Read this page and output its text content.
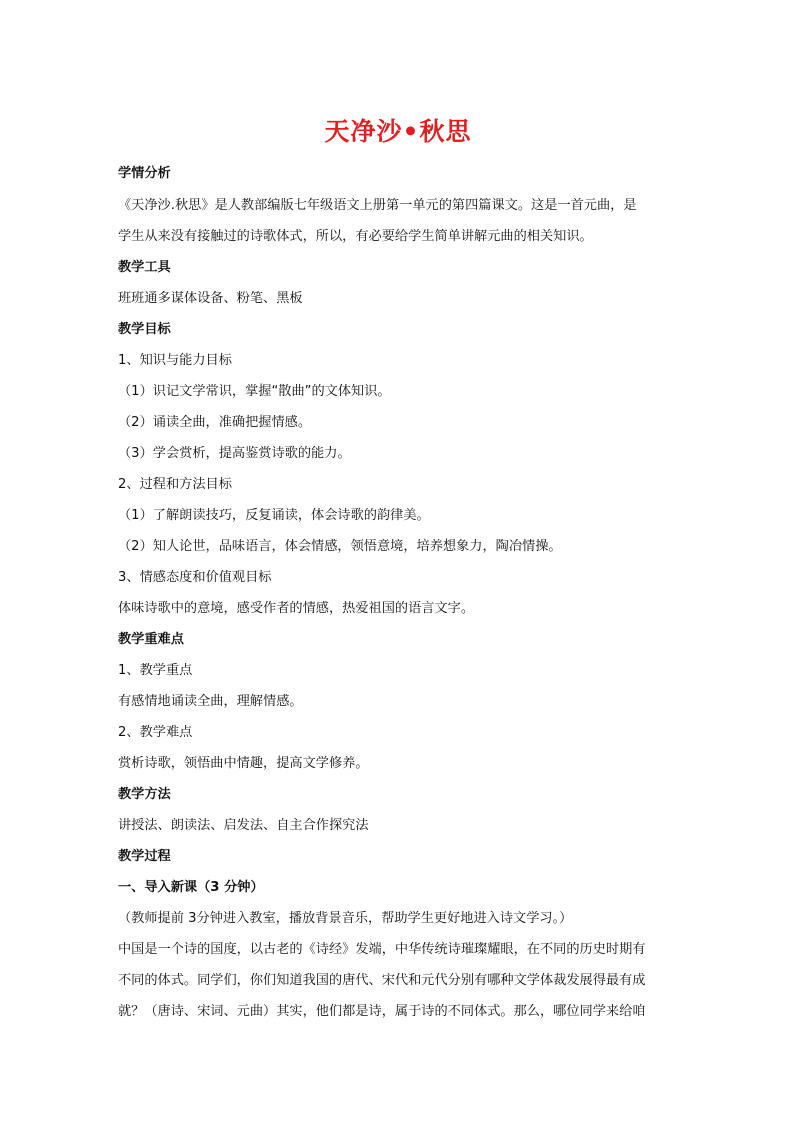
天净沙•秋思
学情分析
《天净沙.秋思》是人教部编版七年级语文上册第一单元的第四篇课文。这是一首元曲，是
学生从来没有接触过的诗歌体式，所以，有必要给学生简单讲解元曲的相关知识。
教学工具
班班通多谋体设备、粉笔、黑板
教学目标
1、知识与能力目标
（1）识记文学常识，掌握“散曲”的文体知识。
（2）诵读全曲，准确把握情感。
（3）学会赏析，提高鉴赏诗歌的能力。
2、过程和方法目标
（1）了解朗读技巧，反复诵读，体会诗歌的韵律美。
（2）知人论世，品味语言，体会情感，领悟意境，培养想象力，陶冶情操。
3、情感态度和价值观目标
体味诗歌中的意境，感受作者的情感，热爱祖国的语言文字。
教学重难点
1、教学重点
有感情地诵读全曲，理解情感。
2、教学难点
赏析诗歌，领悟曲中情趣，提高文学修养。
教学方法
讲授法、朗读法、启发法、自主合作探究法
教学过程
一、导入新课（3 分钟）
（教师提前 3分钟进入教室，播放背景音乐，帮助学生更好地进入诗文学习。）
中国是一个诗的国度，以古老的《诗经》发端，中华传统诗璀璨耀眼，在不同的历史时期有
不同的体式。同学们，你们知道我国的唐代、宋代和元代分别有哪种文学体裁发展得最有成
就？（唐诗、宋词、元曲）其实，他们都是诗，属于诗的不同体式。那么，哪位同学来给咱
